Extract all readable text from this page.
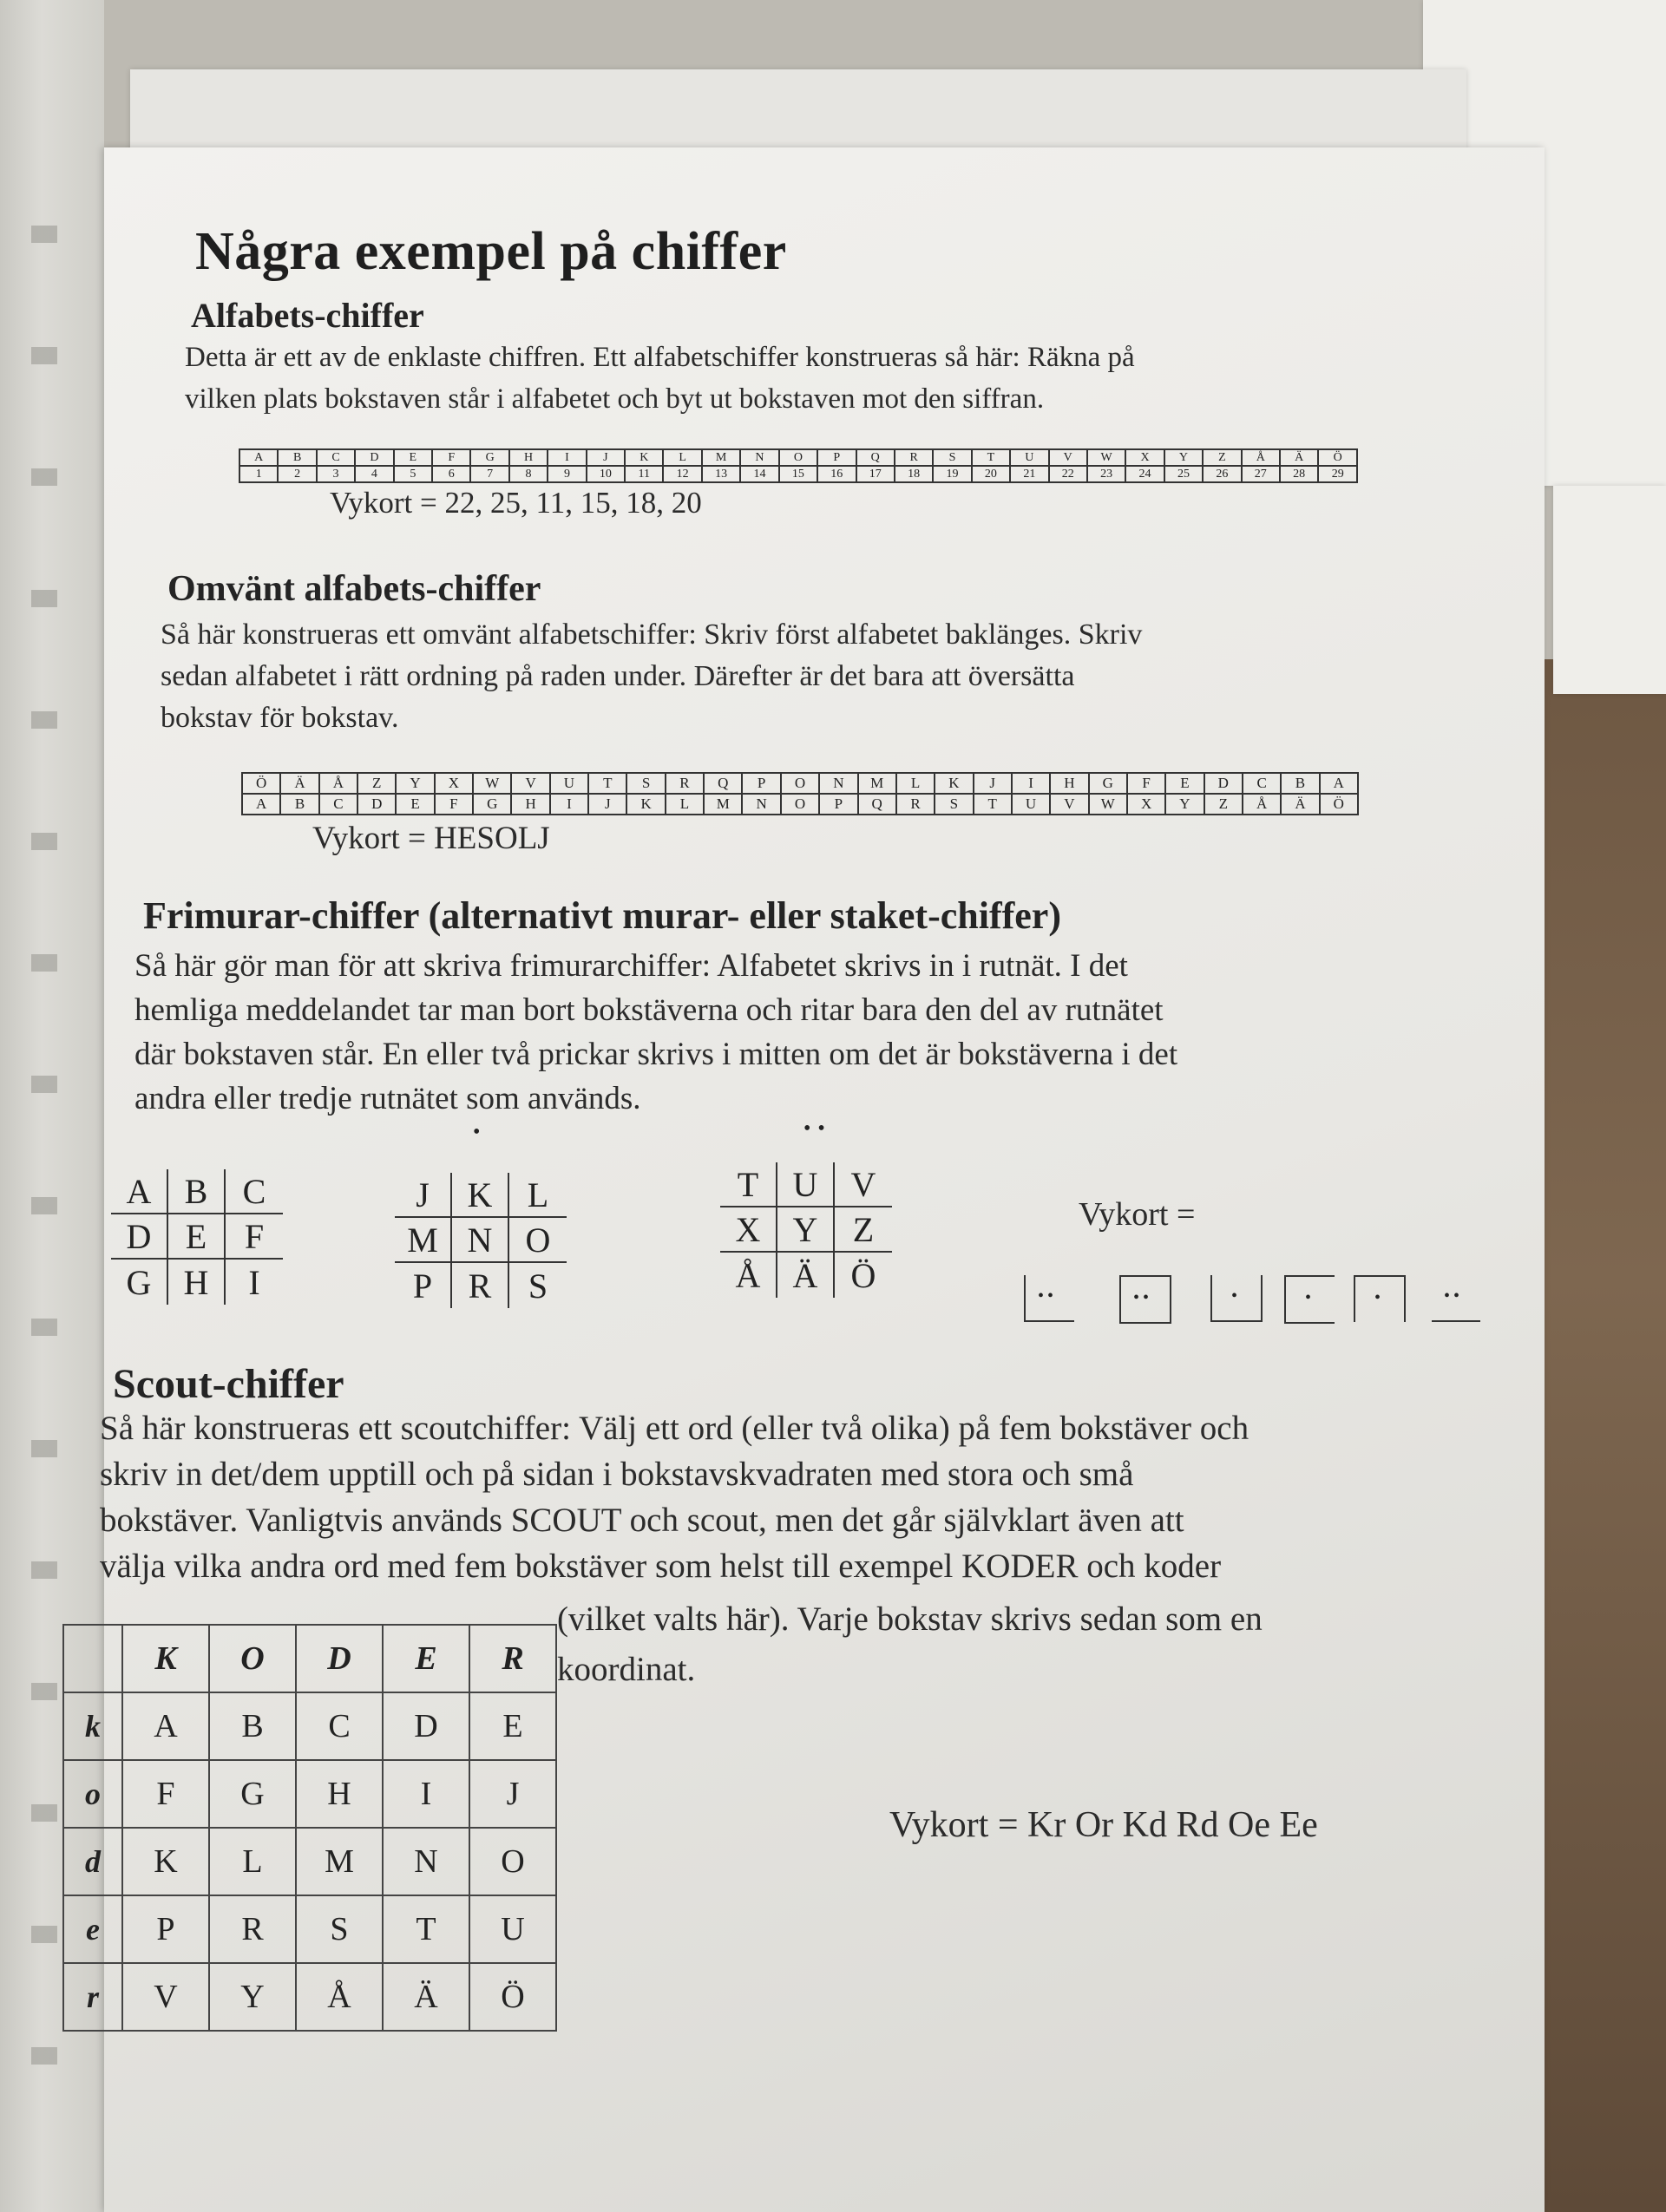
Några exempel på chiffer
Alfabets-chiffer
Detta är ett av de enklaste chiffren. Ett alfabetschiffer konstrueras så här: Räkna på
vilken plats bokstaven står i alfabetet och byt ut bokstaven mot den siffran.
A	B	C	D	E	F	G	H	I	J	K	L	M	N	O	P	Q	R	S	T	U	V	W	X	Y	Z	Å	Ä	Ö
1	2	3	4	5	6	7	8	9	10	11	12	13	14	15	16	17	18	19	20	21	22	23	24	25	26	27	28	29
Vykort = 22, 25, 11, 15, 18, 20
Omvänt alfabets-chiffer
Så här konstrueras ett omvänt alfabetschiffer: Skriv först alfabetet baklänges. Skriv
sedan alfabetet i rätt ordning på raden under. Därefter är det bara att översätta
bokstav för bokstav.
Ö	Ä	Å	Z	Y	X	W	V	U	T	S	R	Q	P	O	N	M	L	K	J	I	H	G	F	E	D	C	B	A
A	B	C	D	E	F	G	H	I	J	K	L	M	N	O	P	Q	R	S	T	U	V	W	X	Y	Z	Å	Ä	Ö
Vykort = HESOLJ
Frimurar-chiffer (alternativt murar- eller staket-chiffer)
Så här gör man för att skriva frimurarchiffer: Alfabetet skrivs in i rutnät. I det
hemliga meddelandet tar man bort bokstäverna och ritar bara den del av rutnätet
där bokstaven står. En eller två prickar skrivs i mitten om det är bokstäverna i det
andra eller tredje rutnätet som används.
A B	C
D E	F
G H	I
•
J	K	L
M N O
P	R	S
••
T U V
X Y	Z
Å Ä Ö
Vykort =
••	••	•	•	•	••
Scout-chiffer
Så här konstrueras ett scoutchiffer: Välj ett ord (eller två olika) på fem bokstäver och
skriv in det/dem upptill och på sidan i bokstavskvadraten med stora och små
bokstäver. Vanligtvis används SCOUT och scout, men det går självklart även att
välja vilka andra ord med fem bokstäver som helst till exempel KODER och koder
(vilket valts här). Varje bokstav skrivs sedan som en
koordinat.
	K	O	D	E	R
k	A	B	C	D	E
o	F	G	H	I	J
d	K	L	M	N	O
e	P	R	S	T	U
r	V	Y	Å	Ä	Ö
Vykort = Kr Or Kd Rd Oe Ee
